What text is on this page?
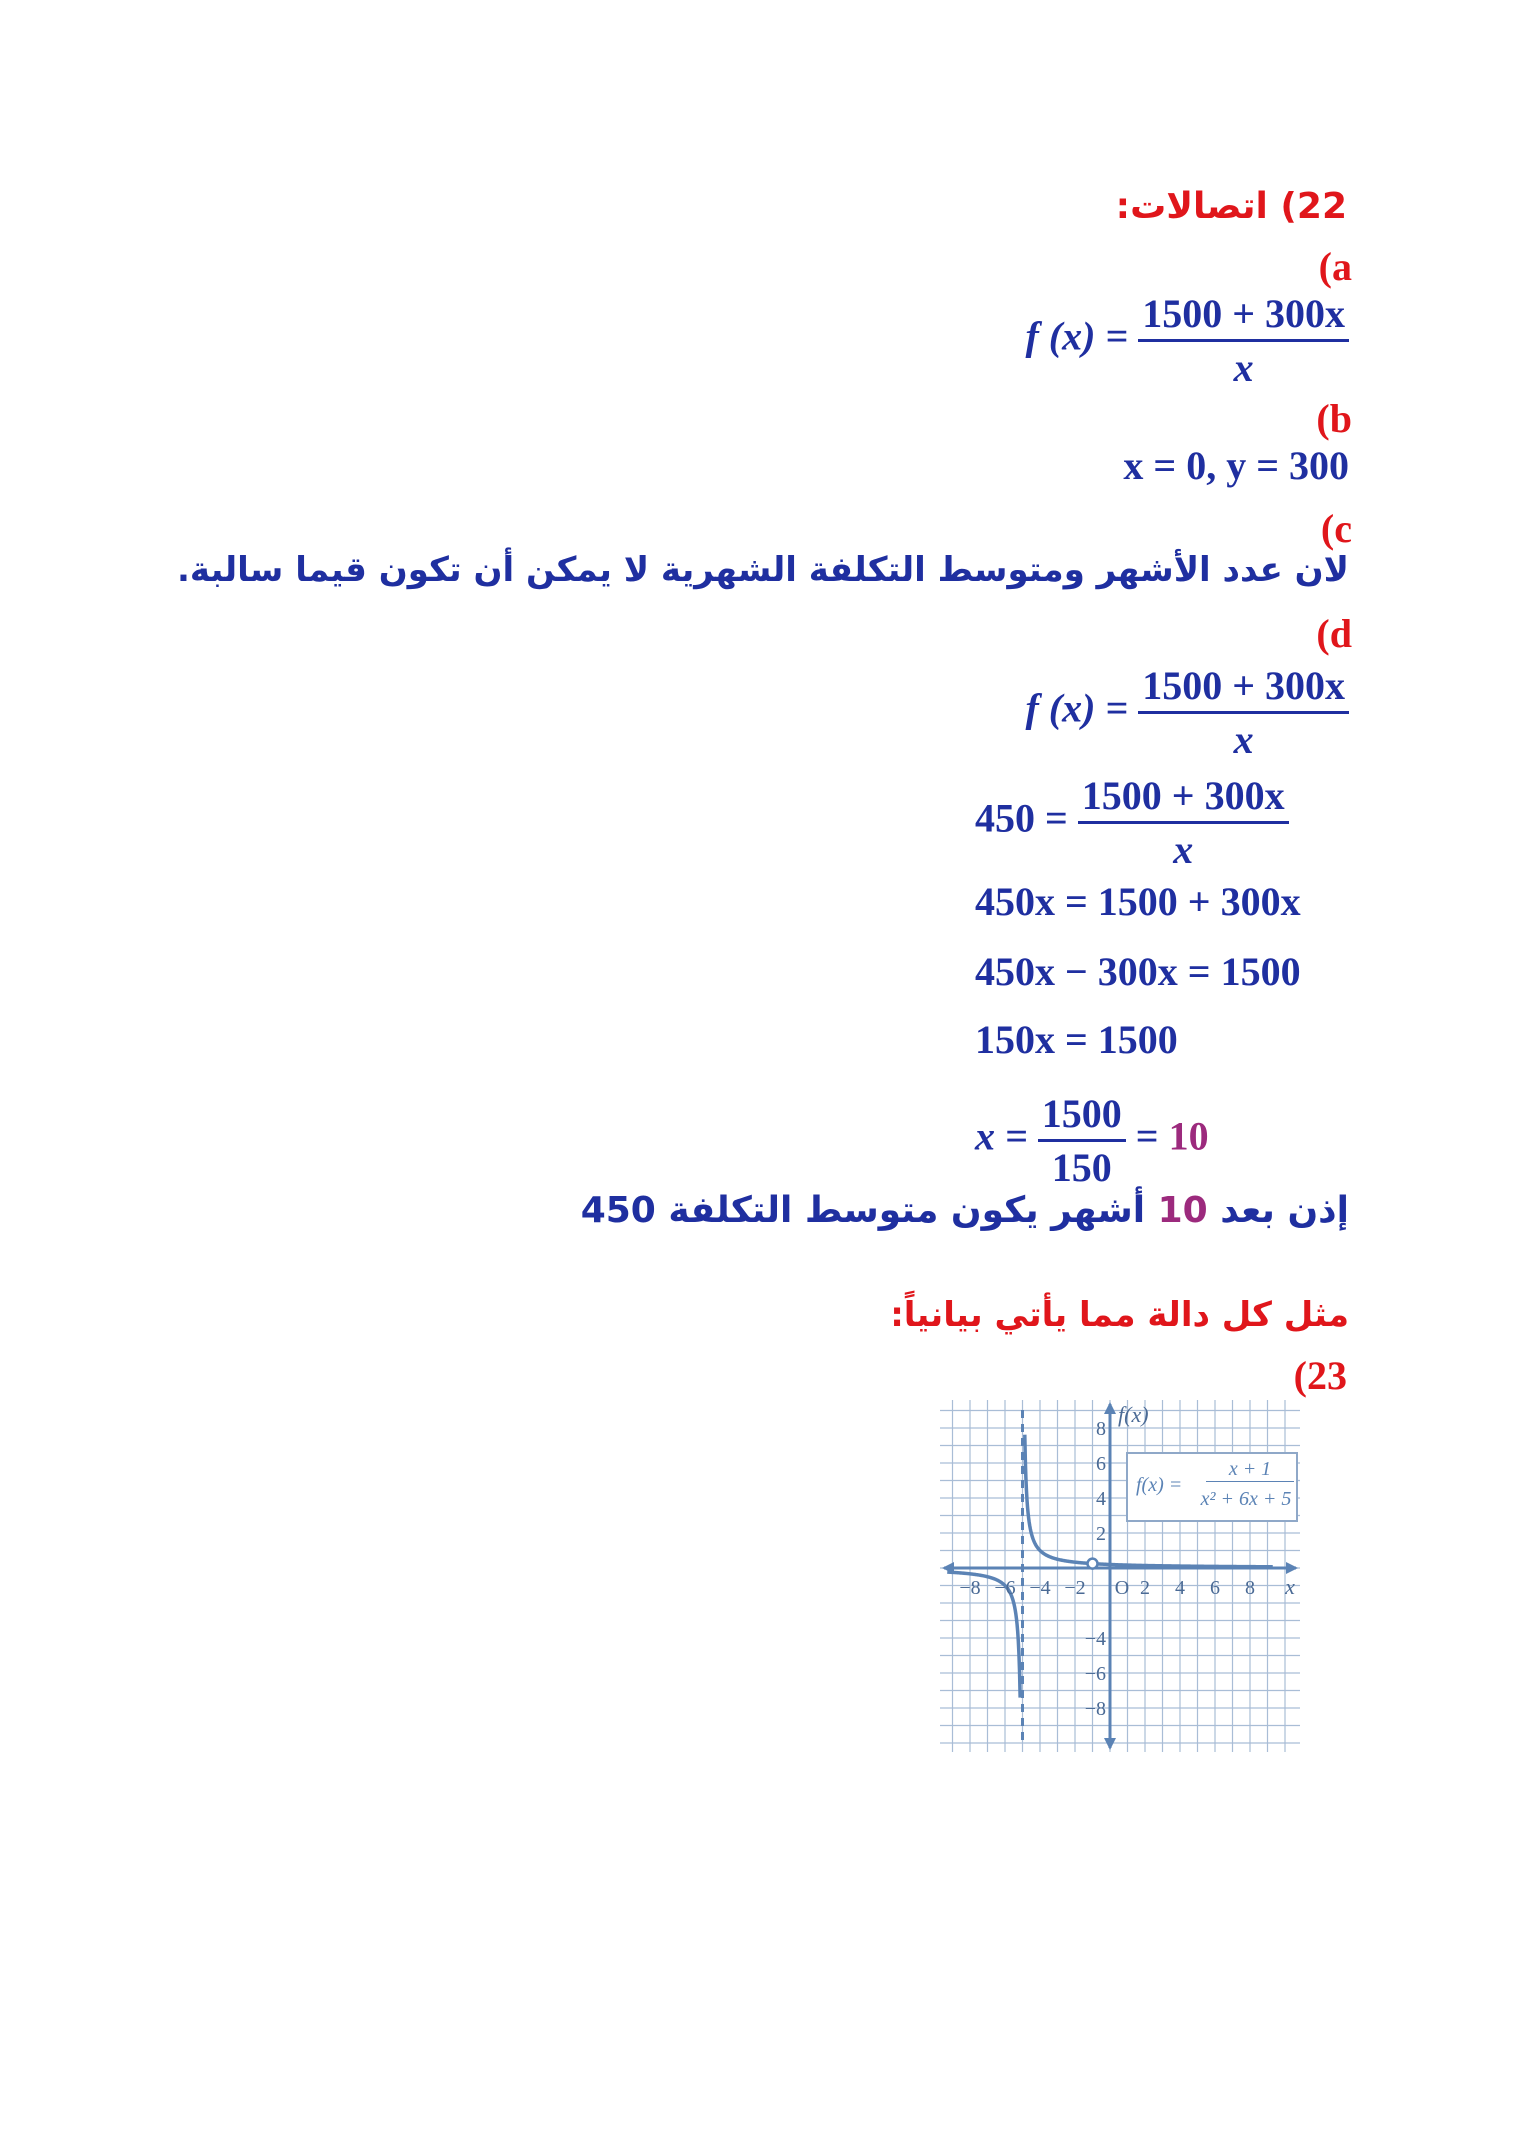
22) اتصالات:
(a
f $(x) = \frac{1500 + 300x}{x}$
(b
x = 0, y = 300
(c
لان عدد الأشهر ومتوسط التكلفة الشهرية لا يمكن أن تكون قيما سالبة.
(d
f $(x) = \frac{1500 + 300x}{x}$
$450 = \frac{1500 + 300x}{x}$
450x = 1500 + 300x
450x − 300x = 1500
150x = 1500
$x = \frac{1500}{150} = 10$
إذن بعد 10 أشهر يكون متوسط التكلفة 450
مثل كل دالة مما يأتي بيانياً:
(23
−8 −6 −4 −2	2 4 6 8
8
6
4
2
−4
−6
−8
O	x
f(x)
f(x) =
x + 1
x² + 6x + 5
